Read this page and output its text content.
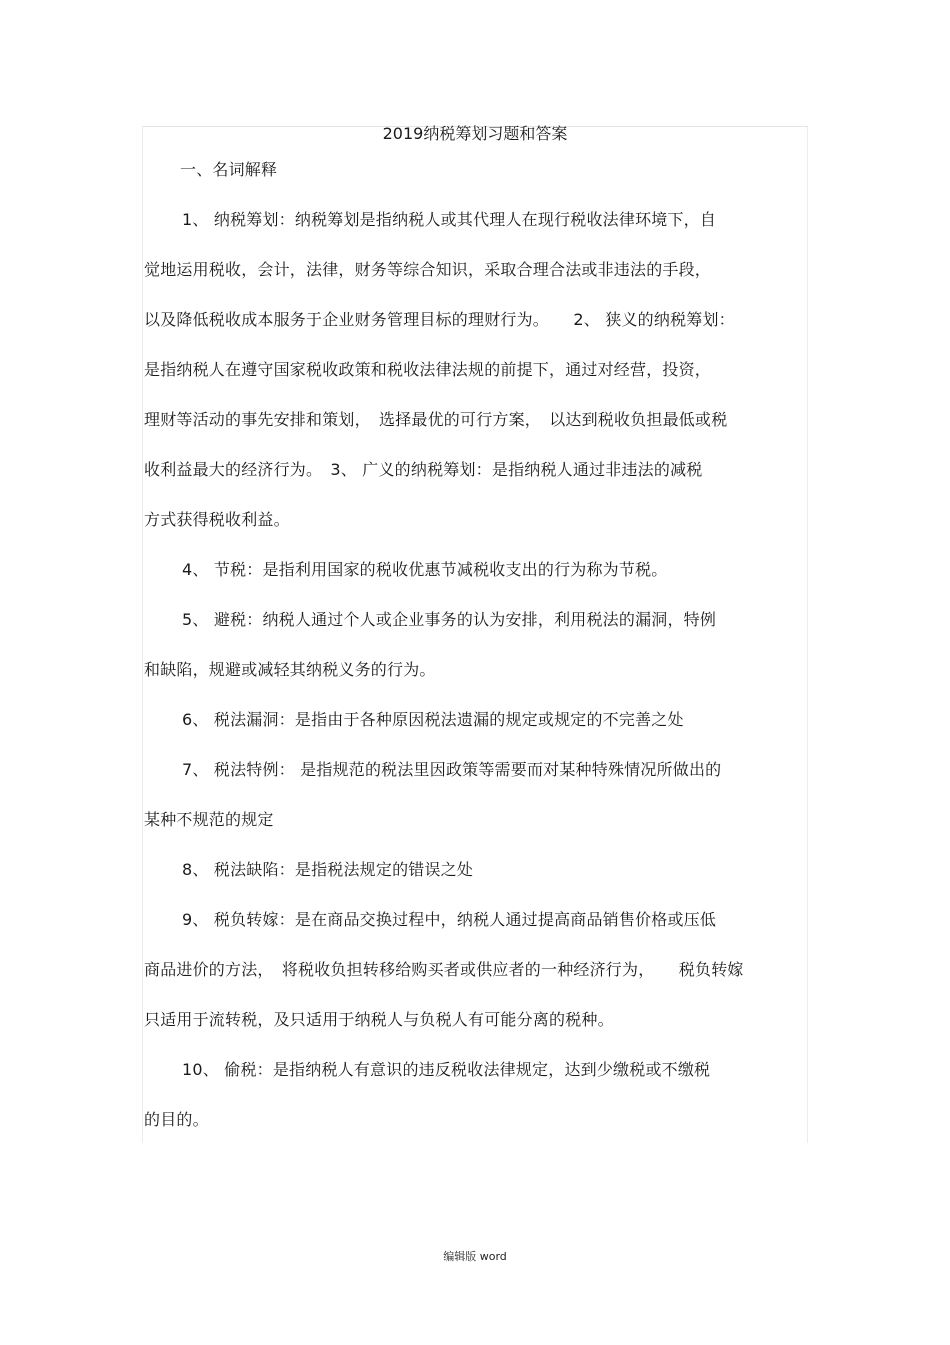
2019纳税筹划习题和答案
一、名词解释
1、 纳税筹划：纳税筹划是指纳税人或其代理人在现行税收法律环境下，自
觉地运用税收，会计，法律，财务等综合知识，采取合理合法或非违法的手段，
以及降低税收成本服务于企业财务管理目标的理财行为。　　2、 狭义的纳税筹划：
是指纳税人在遵守国家税收政策和税收法律法规的前提下，通过对经营，投资，
理财等活动的事先安排和策划，　选择最优的可行方案，　以达到税收负担最低或税
收利益最大的经济行为。　3、 广义的纳税筹划：是指纳税人通过非违法的减税
方式获得税收利益。
4、 节税：是指利用国家的税收优惠节减税收支出的行为称为节税。
5、 避税：纳税人通过个人或企业事务的认为安排，利用税法的漏洞，特例
和缺陷，规避或减轻其纳税义务的行为。
6、 税法漏洞：是指由于各种原因税法遗漏的规定或规定的不完善之处
7、 税法特例： 是指规范的税法里因政策等需要而对某种特殊情况所做出的
某种不规范的规定
8、 税法缺陷：是指税法规定的错误之处
9、 税负转嫁：是在商品交换过程中，纳税人通过提高商品销售价格或压低
商品进价的方法，　将税收负担转移给购买者或供应者的一种经济行为，　　税负转嫁
只适用于流转税，及只适用于纳税人与负税人有可能分离的税种。
10、 偷税：是指纳税人有意识的违反税收法律规定，达到少缴税或不缴税
的目的。
编辑版 word
